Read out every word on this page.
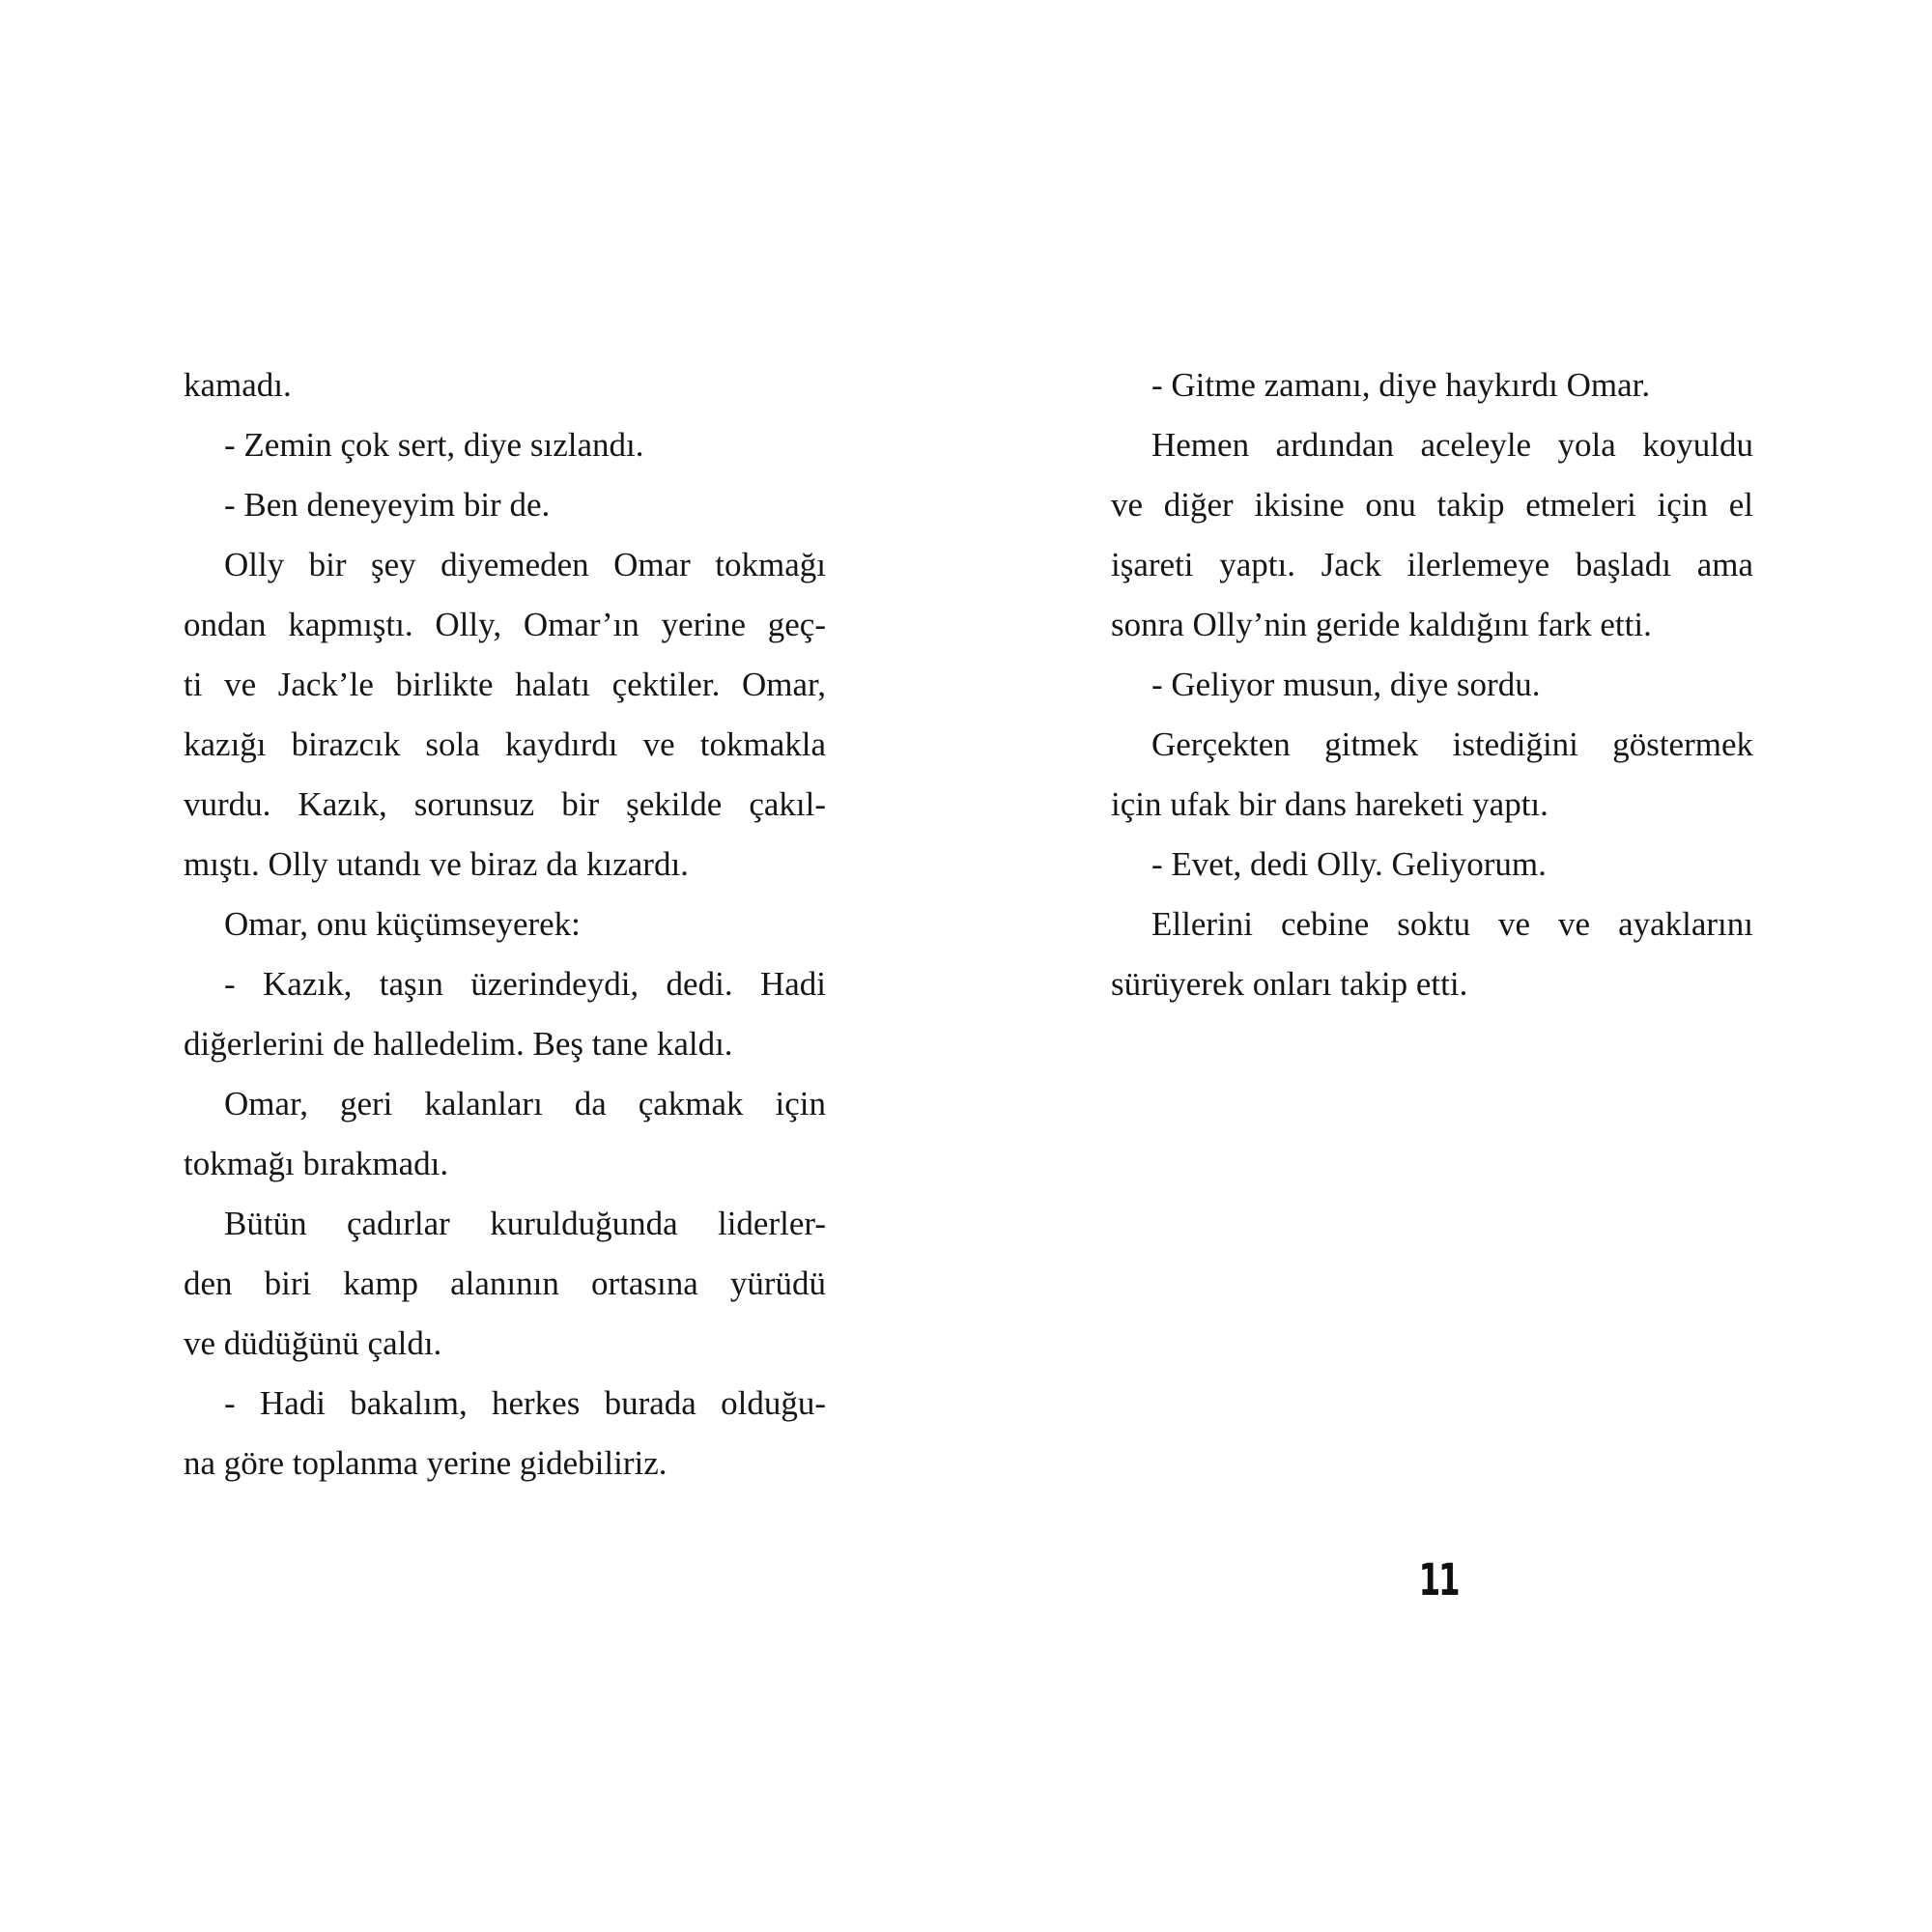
kamadı.
- Zemin çok sert, diye sızlandı.
- Ben deneyeyim bir de.
Olly bir şey diyemeden Omar tokmağı
ondan kapmıştı. Olly, Omar’ın yerine geç-
ti ve Jack’le birlikte halatı çektiler. Omar,
kazığı birazcık sola kaydırdı ve tokmakla
vurdu. Kazık, sorunsuz bir şekilde çakıl-
mıştı. Olly utandı ve biraz da kızardı.
Omar, onu küçümseyerek:
- Kazık, taşın üzerindeydi, dedi. Hadi
diğerlerini de halledelim. Beş tane kaldı.
Omar, geri kalanları da çakmak için
tokmağı bırakmadı.
Bütün çadırlar kurulduğunda liderler-
den biri kamp alanının ortasına yürüdü
ve düdüğünü çaldı.
- Hadi bakalım, herkes burada olduğu-
na göre toplanma yerine gidebiliriz.
- Gitme zamanı, diye haykırdı Omar.
Hemen ardından aceleyle yola koyuldu
ve diğer ikisine onu takip etmeleri için el
işareti yaptı. Jack ilerlemeye başladı ama
sonra Olly’nin geride kaldığını fark etti.
- Geliyor musun, diye sordu.
Gerçekten gitmek istediğini göstermek
için ufak bir dans hareketi yaptı.
- Evet, dedi Olly. Geliyorum.
Ellerini cebine soktu ve ve ayaklarını
sürüyerek onları takip etti.
11
